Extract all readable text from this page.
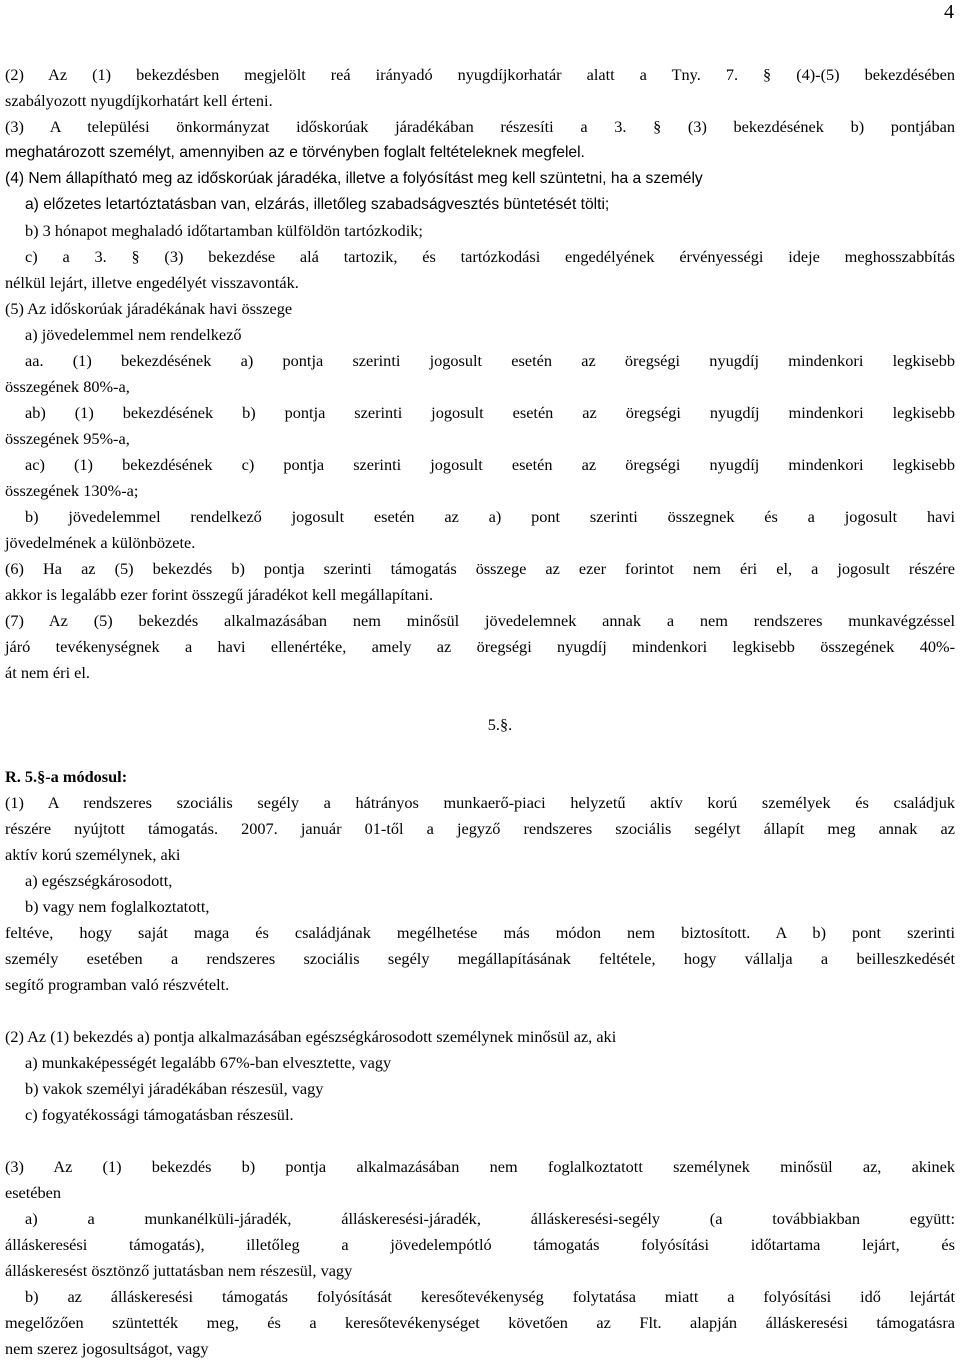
4
(2) Az (1) bekezdésben megjelölt reá irányadó nyugdíjkorhatár alatt a Tny. 7. § (4)-(5) bekezdésében
szabályozott nyugdíjkorhatárt kell érteni.
(3) A települési önkormányzat időskorúak járadékában részesíti a 3. § (3) bekezdésének b) pontjában
meghatározott személyt, amennyiben az e törvényben foglalt feltételeknek megfelel.
(4) Nem állapítható meg az időskorúak járadéka, illetve a folyósítást meg kell szüntetni, ha a személy
a) előzetes letartóztatásban van, elzárás, illetőleg szabadságvesztés büntetését tölti;
b) 3 hónapot meghaladó időtartamban külföldön tartózkodik;
c) a 3. § (3) bekezdése alá tartozik, és tartózkodási engedélyének érvényességi ideje meghosszabbítás
nélkül lejárt, illetve engedélyét visszavonták.
(5) Az időskorúak járadékának havi összege
a) jövedelemmel nem rendelkező
aa. (1) bekezdésének a) pontja szerinti jogosult esetén az öregségi nyugdíj mindenkori legkisebb
összegének 80%-a,
ab) (1) bekezdésének b) pontja szerinti jogosult esetén az öregségi nyugdíj mindenkori legkisebb
összegének 95%-a,
ac) (1) bekezdésének c) pontja szerinti jogosult esetén az öregségi nyugdíj mindenkori legkisebb
összegének 130%-a;
b) jövedelemmel rendelkező jogosult esetén az a) pont szerinti összegnek és a jogosult havi
jövedelmének a különbözete.
(6) Ha az (5) bekezdés b) pontja szerinti támogatás összege az ezer forintot nem éri el, a jogosult részére
akkor is legalább ezer forint összegű járadékot kell megállapítani.
(7) Az (5) bekezdés alkalmazásában nem minősül jövedelemnek annak a nem rendszeres munkavégzéssel
járó tevékenységnek a havi ellenértéke, amely az öregségi nyugdíj mindenkori legkisebb összegének 40%-
át nem éri el.
5.§.
R. 5.§-a módosul:
(1) A rendszeres szociális segély a hátrányos munkaerő-piaci helyzetű aktív korú személyek és családjuk
részére nyújtott támogatás. 2007. január 01-től a jegyző rendszeres szociális segélyt állapít meg annak az
aktív korú személynek, aki
a) egészségkárosodott,
b) vagy nem foglalkoztatott,
feltéve, hogy saját maga és családjának megélhetése más módon nem biztosított. A b) pont szerinti
személy esetében a rendszeres szociális segély megállapításának feltétele, hogy vállalja a beilleszkedését
segítő programban való részvételt.
(2) Az (1) bekezdés a) pontja alkalmazásában egészségkárosodott személynek minősül az, aki
a) munkaképességét legalább 67%-ban elvesztette, vagy
b) vakok személyi járadékában részesül, vagy
c) fogyatékossági támogatásban részesül.
(3) Az (1) bekezdés b) pontja alkalmazásában nem foglalkoztatott személynek minősül az, akinek
esetében
a) a munkanélküli-járadék, álláskeresési-járadék, álláskeresési-segély (a továbbiakban együtt:
álláskeresési támogatás), illetőleg a jövedelempótló támogatás folyósítási időtartama lejárt, és
álláskeresést ösztönző juttatásban nem részesül, vagy
b) az álláskeresési támogatás folyósítását keresőtevékenység folytatása miatt a folyósítási idő lejártát
megelőzően szüntették meg, és a keresőtevékenységet követően az Flt. alapján álláskeresési támogatásra
nem szerez jogosultságot, vagy
